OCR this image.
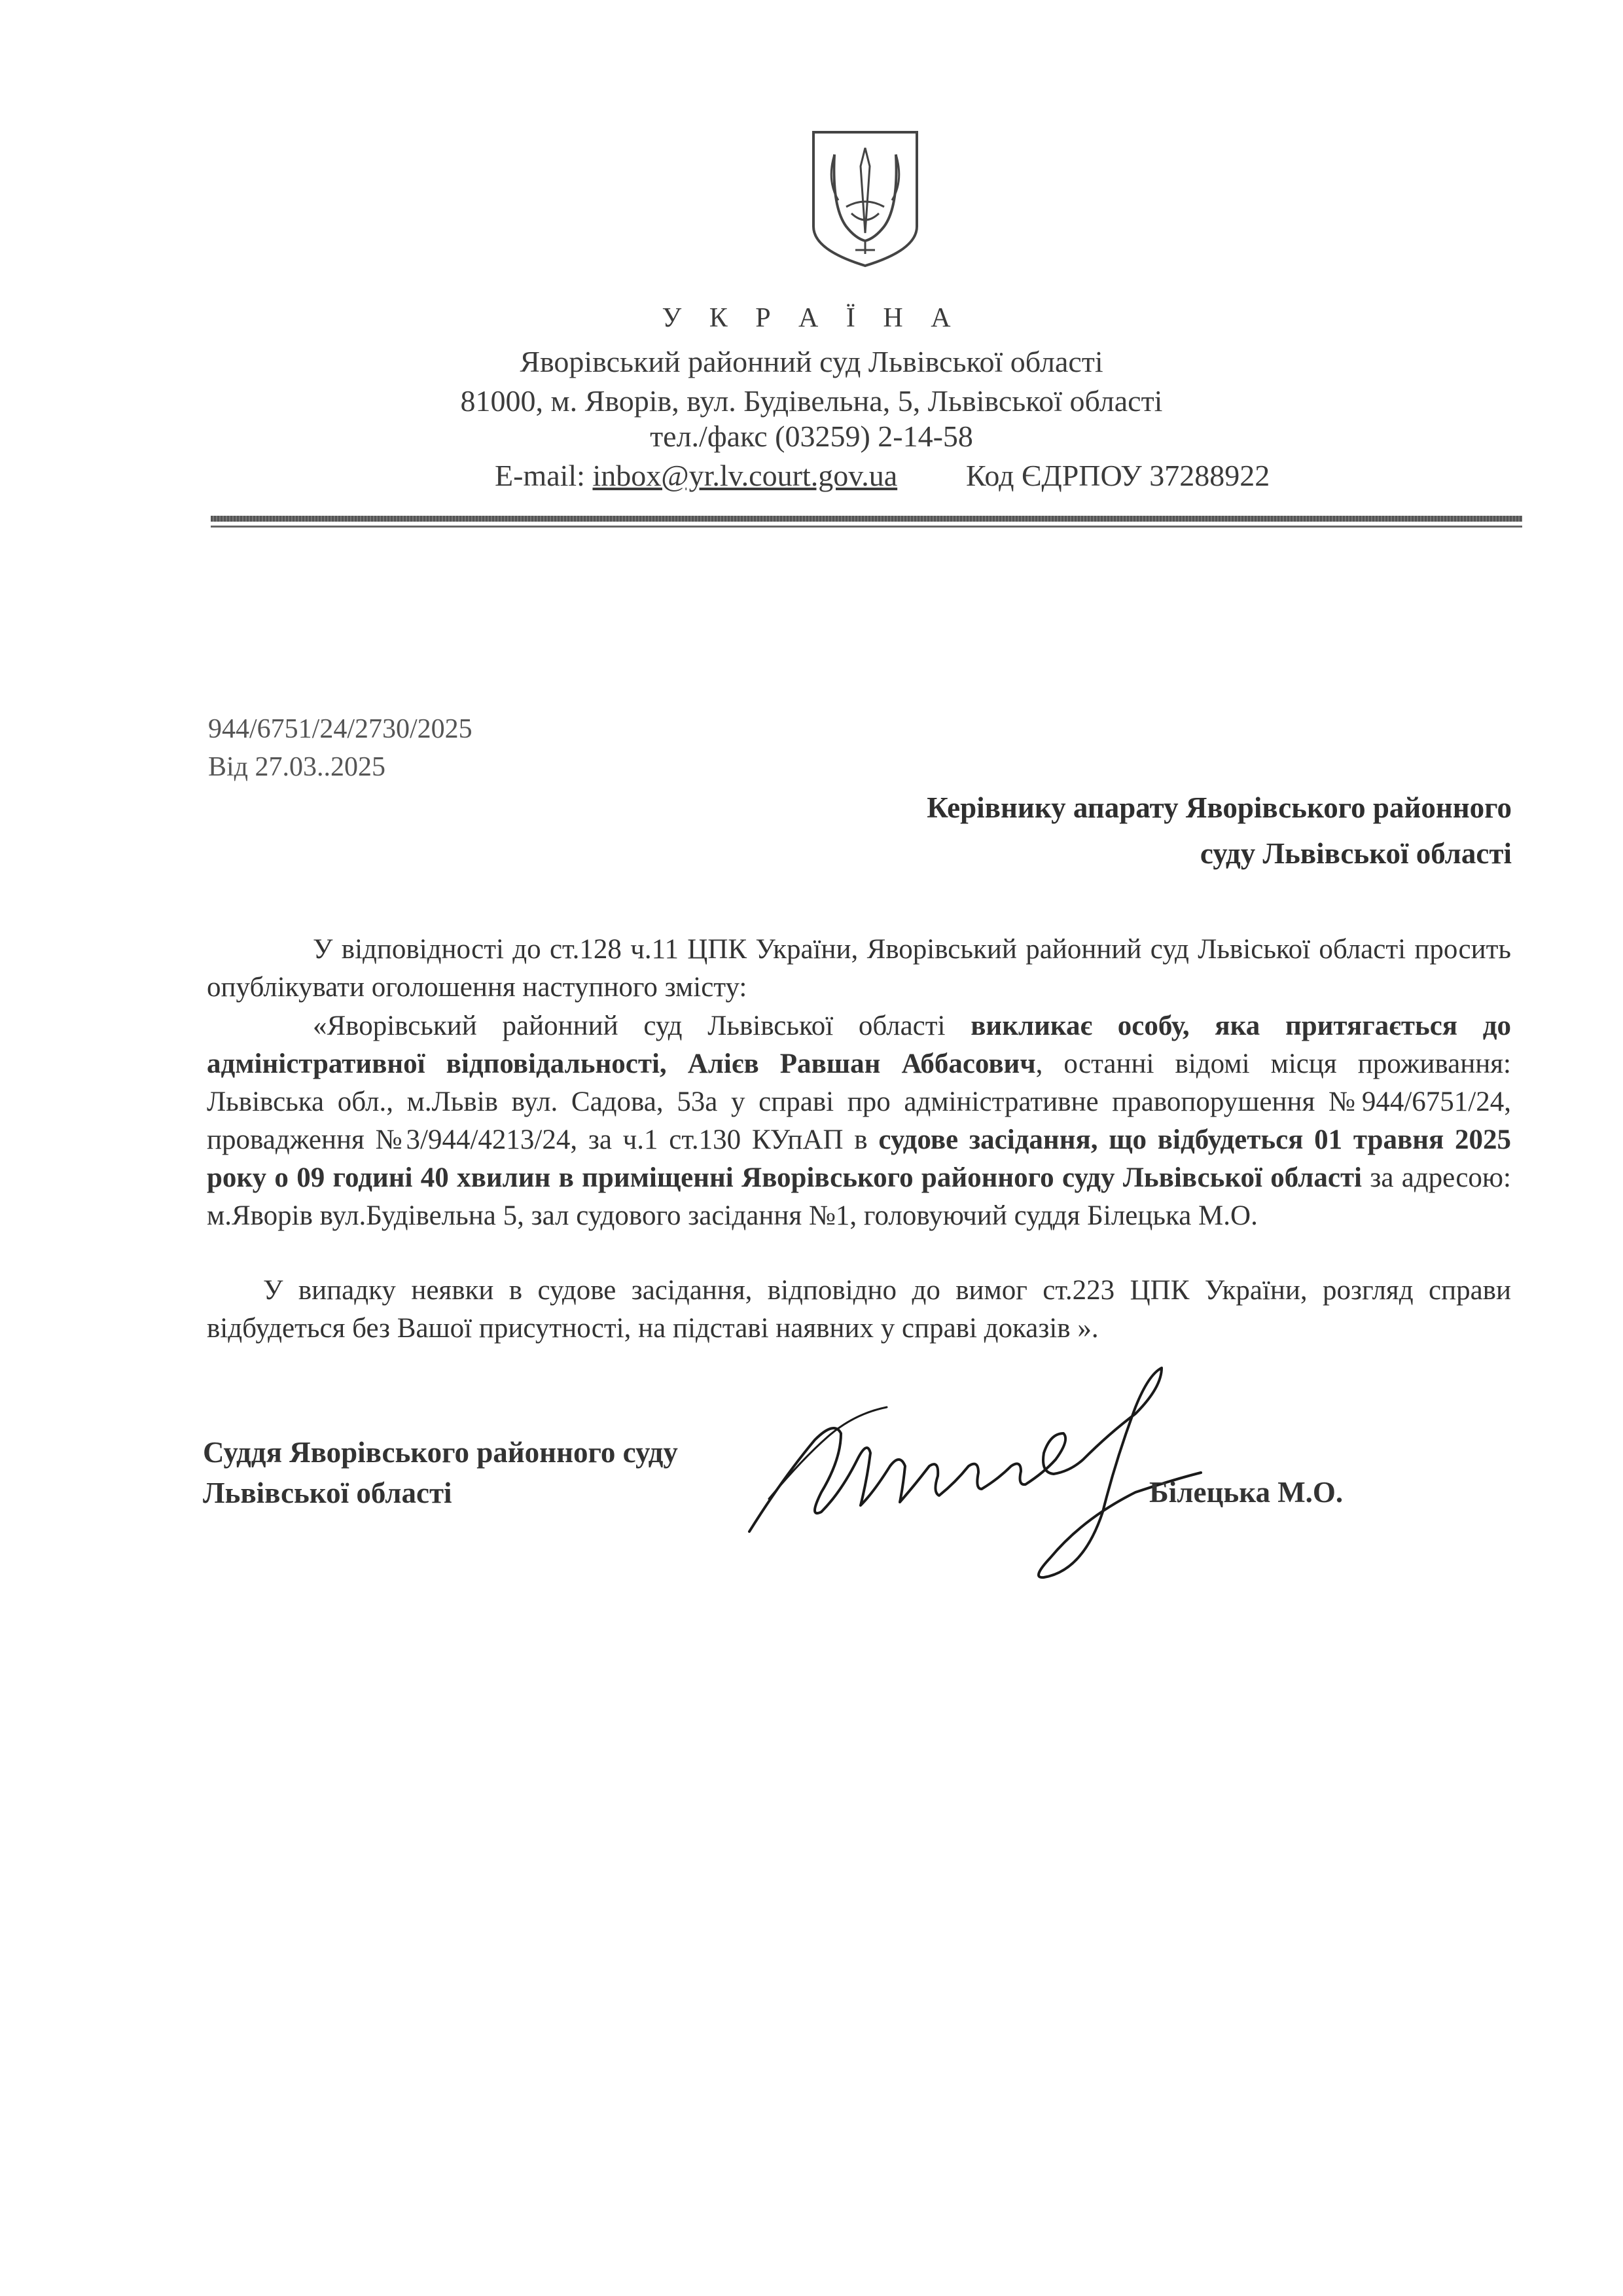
У К Р А Ї Н А
Яворівський районний суд Львівської області
81000, м. Яворів, вул. Будівельна, 5, Львівської області
тел./факс (03259) 2-14-58
E-mail: inbox@yr.lv.court.gov.ua Код ЄДРПОУ 37288922
944/6751/24/2730/2025
Від 27.03..2025
Керівнику апарату Яворівського районного
суду Львівської області

У відповідності до ст.128 ч.11 ЦПК України, Яворівський районний суд Львіської області просить опублікувати оголошення наступного змісту:

«Яворівський районний суд Львівської області викликає особу, яка притягається до адміністративної відповідальності, Алієв Равшан Аббасович, останні відомі місця проживання: Львівська обл., м.Львів вул. Садова, 53а у справі про адміністративне правопорушення №944/6751/24, провадження №3/944/4213/24, за ч.1 ст.130 КУпАП в судове засідання, що відбудеться 01 травня 2025 року о 09 годині 40 хвилин в приміщенні Яворівського районного суду Львівської області за адресою: м.Яворів вул.Будівельна 5, зал судового засідання №1, головуючий суддя Білецька М.О.

У випадку неявки в судове засідання, відповідно до вимог ст.223 ЦПК України, розгляд справи відбудеться без Вашої присутності, на підставі наявних у справі доказів ».

Суддя Яворівського районного суду
Львівської області	Білецька М.О.
